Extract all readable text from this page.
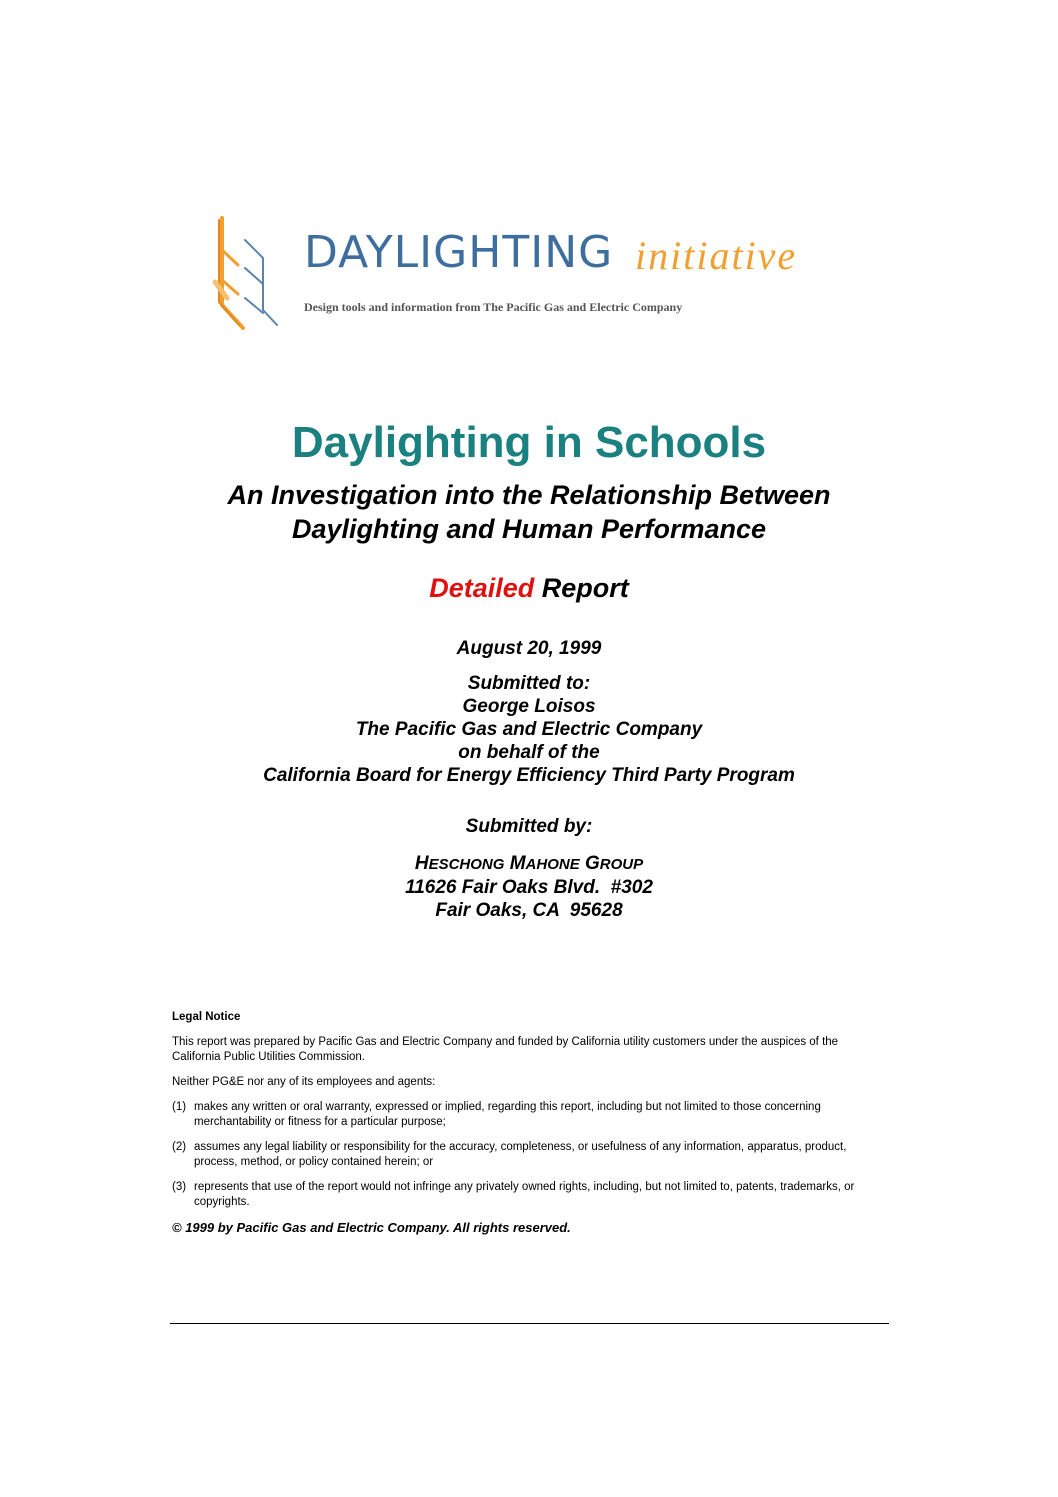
DAYLIGHTING initiative
Design tools and information from The Pacific Gas and Electric Company
Daylighting in Schools
An Investigation into the Relationship Between
Daylighting and Human Performance
Detailed Report
August 20, 1999
Submitted to:
George Loisos
The Pacific Gas and Electric Company
on behalf of the
California Board for Energy Efficiency Third Party Program
Submitted by:
HESCHONG MAHONE GROUP
11626 Fair Oaks Blvd.  #302
Fair Oaks, CA  95628
Legal Notice

This report was prepared by Pacific Gas and Electric Company and funded by California utility customers under the auspices of the California Public Utilities Commission.

Neither PG&E nor any of its employees and agents:

(1) makes any written or oral warranty, expressed or implied, regarding this report, including but not limited to those concerning merchantability or fitness for a particular purpose;
(2) assumes any legal liability or responsibility for the accuracy, completeness, or usefulness of any information, apparatus, product, process, method, or policy contained herein; or
(3) represents that use of the report would not infringe any privately owned rights, including, but not limited to, patents, trademarks, or copyrights.
© 1999 by Pacific Gas and Electric Company. All rights reserved.
